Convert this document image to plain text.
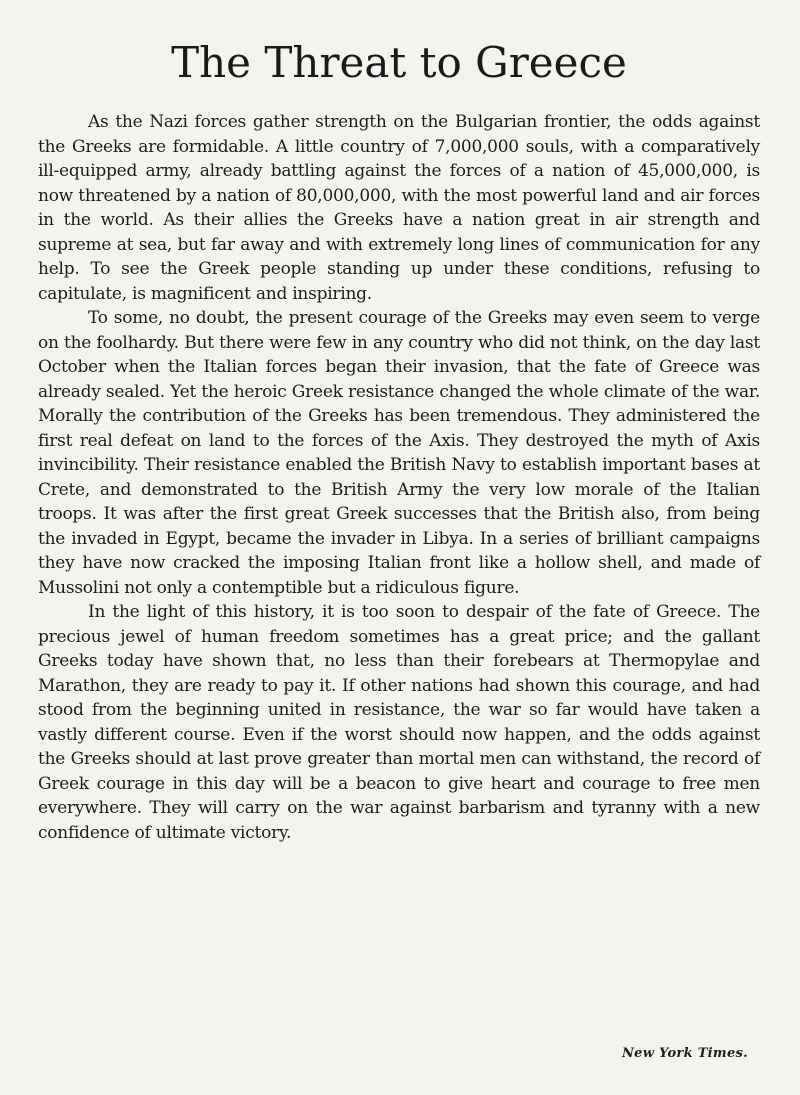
The Threat to Greece

As the Nazi forces gather strength on the Bulgarian frontier, the odds against the Greeks are formidable. A little country of 7,000,000 souls, with a comparatively ill-equipped army, already battling against the forces of a nation of 45,000,000, is now threatened by a nation of 80,000,000, with the most powerful land and air forces in the world. As their allies the Greeks have a nation great in air strength and supreme at sea, but far away and with extremely long lines of communication for any help. To see the Greek people standing up under these conditions, refusing to capitulate, is magnificent and inspiring.

To some, no doubt, the present courage of the Greeks may even seem to verge on the foolhardy. But there were few in any country who did not think, on the day last October when the Italian forces began their invasion, that the fate of Greece was already sealed. Yet the heroic Greek resistance changed the whole climate of the war. Morally the contribution of the Greeks has been tremendous. They administered the first real defeat on land to the forces of the Axis. They destroyed the myth of Axis invincibility. Their resistance enabled the British Navy to establish important bases at Crete, and demonstrated to the British Army the very low morale of the Italian troops. It was after the first great Greek successes that the British also, from being the invaded in Egypt, became the invader in Libya. In a series of brilliant campaigns they have now cracked the imposing Italian front like a hollow shell, and made of Mussolini not only a contemptible but a ridiculous figure.

In the light of this history, it is too soon to despair of the fate of Greece. The precious jewel of human freedom sometimes has a great price; and the gallant Greeks today have shown that, no less than their forebears at Thermopylae and Marathon, they are ready to pay it. If other nations had shown this courage, and had stood from the beginning united in resistance, the war so far would have taken a vastly different course. Even if the worst should now happen, and the odds against the Greeks should at last prove greater than mortal men can withstand, the record of Greek courage in this day will be a beacon to give heart and courage to free men everywhere. They will carry on the war against barbarism and tyranny with a new confidence of ultimate victory.

New York Times.
